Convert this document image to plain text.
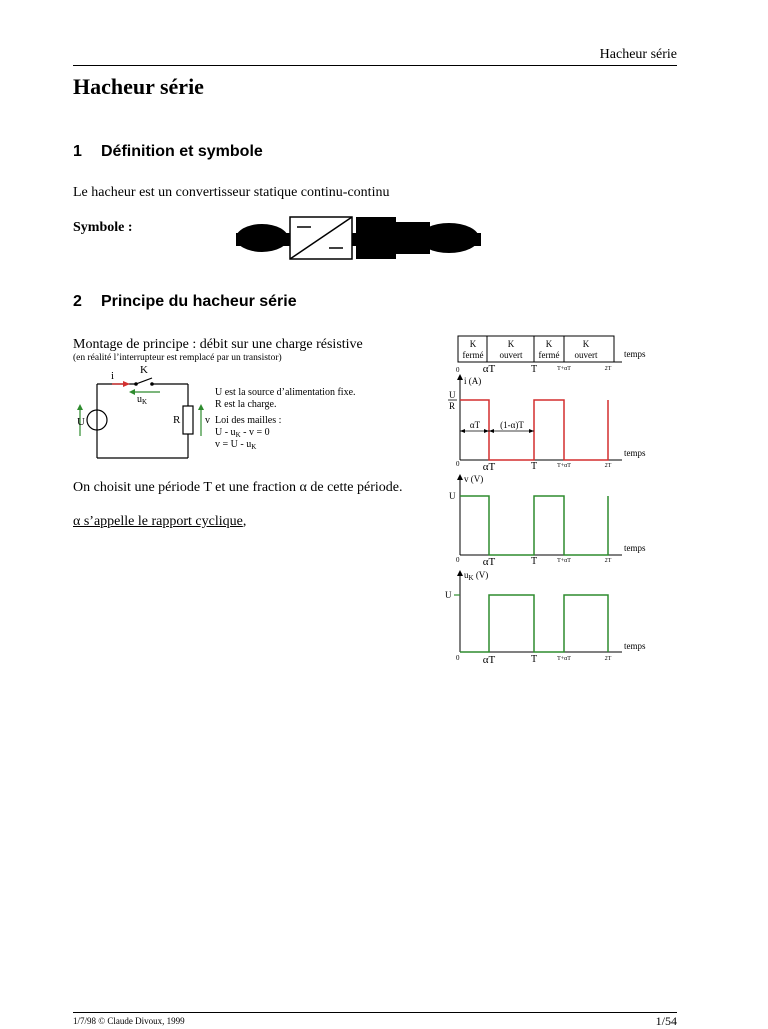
Hacheur série
Hacheur série
1 Définition et symbole
Le hacheur est un convertisseur statique continu-continu
Symbole :
2 Principe du hacheur série
Montage de principe : débit sur une charge résistive
(en réalité l’interrupteur est remplacé par un transistor)
i K
$u_K$
U	R v
U est la source d’alimentation fixe.
R est la charge.
Loi des mailles :
$U - u_K - v = 0$
$v = U - u_K$
On choisit une période T et une fraction α de cette période.
α s’appelle le rapport cyclique,
K
fermé
K
ouvert
K
fermé
K
ouvert	temps
0 αT	T	T+αT	2T
i (A)
U
R
αT (1-α)T
temps
0 αT	T	T+αT	2T
v (V)
U
temps
0 αT	T	T+αT	2T
$u_K$ (V)
U
temps
0 αT	T	T+αT	2T
1/7/98 © Claude Divoux, 1999	1/54
